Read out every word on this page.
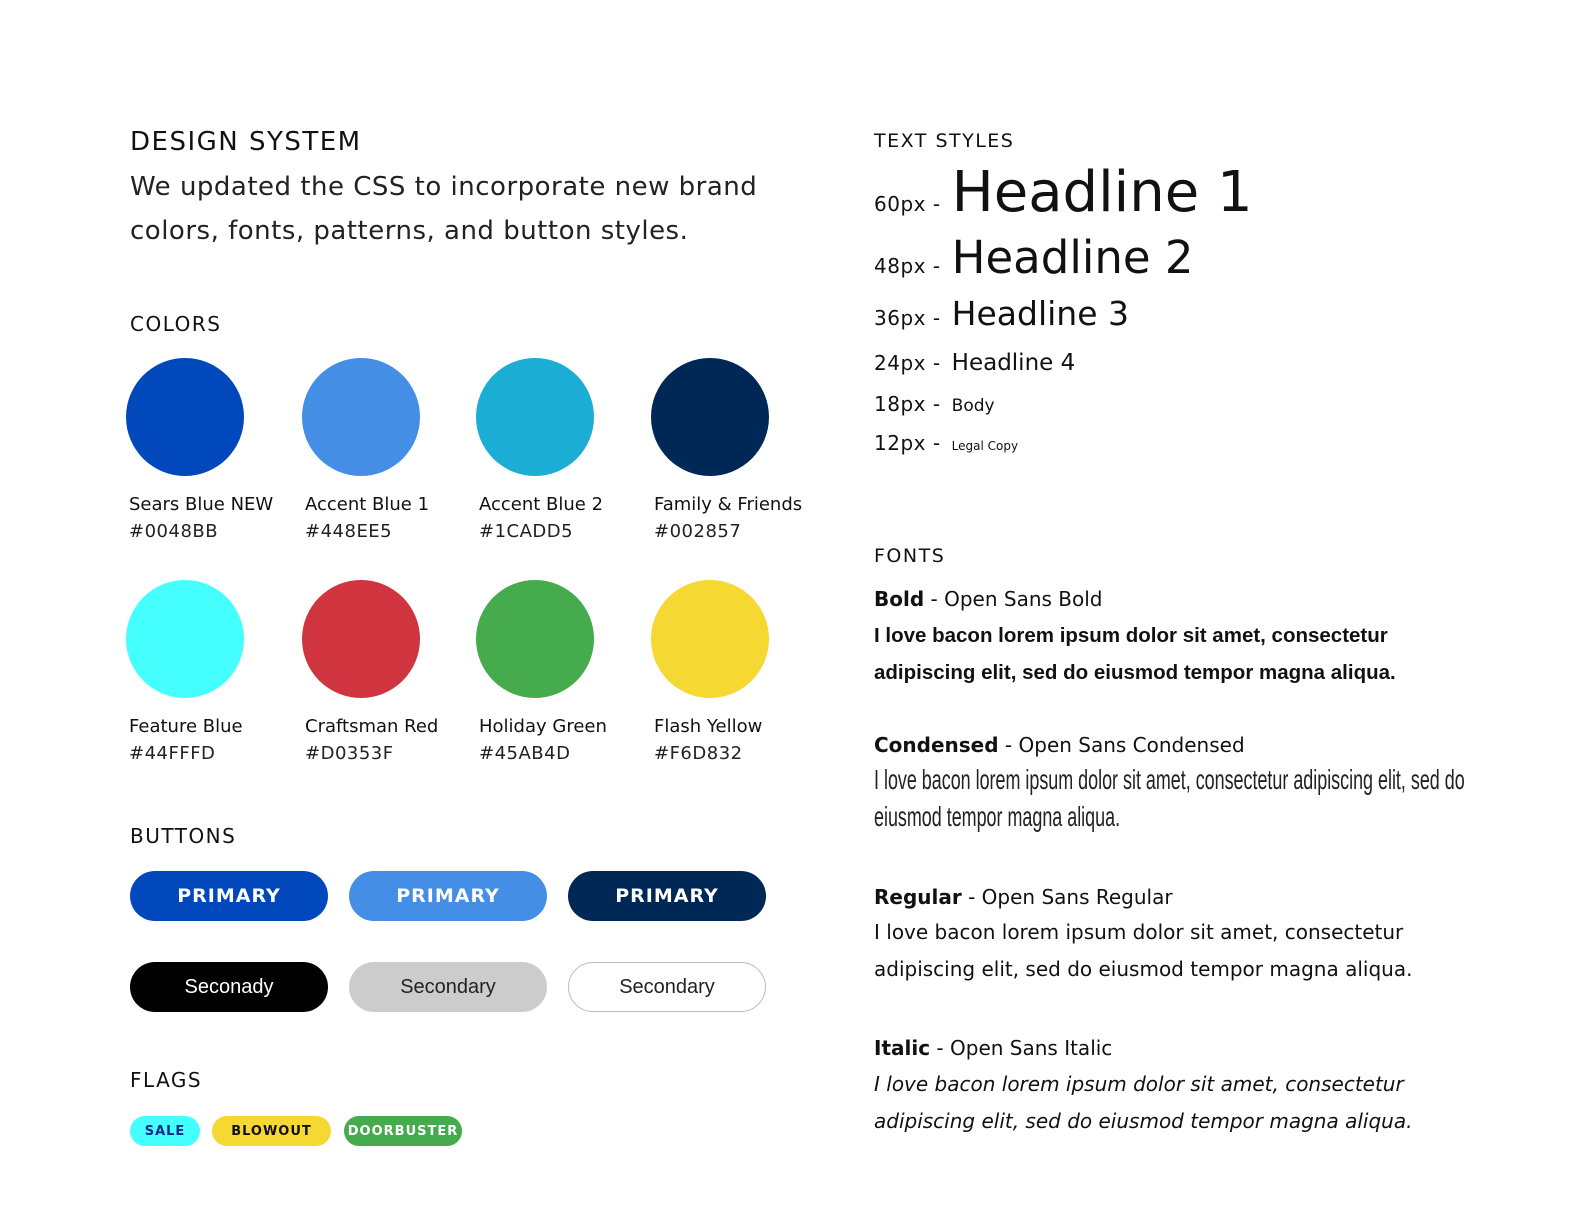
DESIGN SYSTEM
We updated the CSS to incorporate new brand colors, fonts, patterns, and button styles.
COLORS
Sears Blue NEW
#0048BB
Accent Blue 1
#448EE5
Accent Blue 2
#1CADD5
Family & Friends
#002857
Feature Blue
#44FFFD
Craftsman Red
#D0353F
Holiday Green
#45AB4D
Flash Yellow
#F6D832
BUTTONS
PRIMARY	PRIMARY	PRIMARY
Seconady	Secondary	Secondary
FLAGS
SALE	BLOWOUT	DOORBUSTER
TEXT STYLES
60px - Headline 1
48px - Headline 2
36px - Headline 3
24px - Headline 4
18px - Body
12px - Legal Copy
FONTS
Bold - Open Sans Bold
I love bacon lorem ipsum dolor sit amet, consectetur adipiscing elit, sed do eiusmod tempor magna aliqua.
Condensed - Open Sans Condensed
I love bacon lorem ipsum dolor sit amet, consectetur adipiscing elit, sed do eiusmod tempor magna aliqua.
Regular - Open Sans Regular
I love bacon lorem ipsum dolor sit amet, consectetur adipiscing elit, sed do eiusmod tempor magna aliqua.
Italic - Open Sans Italic
I love bacon lorem ipsum dolor sit amet, consectetur adipiscing elit, sed do eiusmod tempor magna aliqua.
